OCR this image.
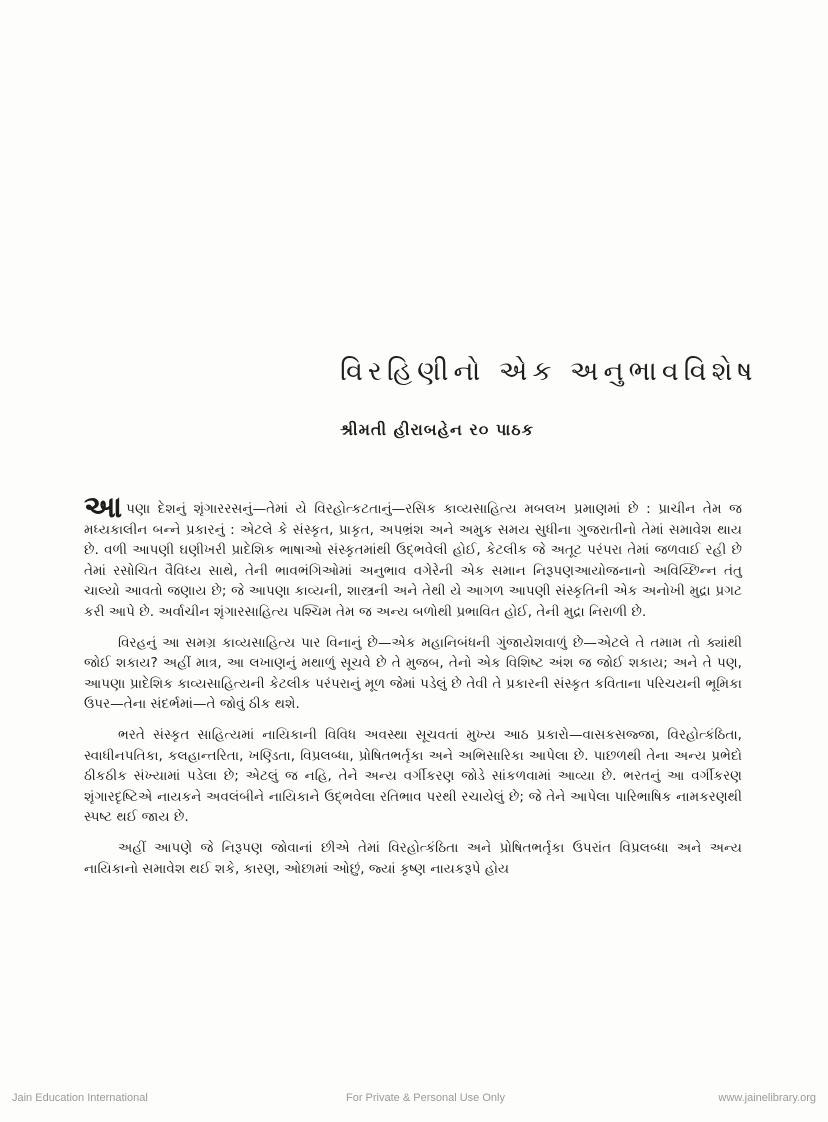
વિરહિણીનો એક અનુભાવવિશેષ
શ્રીમતી હીરાબહેન ર૦ પાઠક

આપણા દેશનું શૃંગારરસનું—તેમાં યે વિરહોત્કટતાનું—રસિક કાવ્યસાહિત્ય મબલખ પ્રમાણમાં છે : પ્રાચીન તેમ જ મધ્યકાલીન બન્ને પ્રકારનું : એટલે કે સંસ્કૃત, પ્રાકૃત, અપભ્રંશ અને અમુક સમય સુધીના ગુજરાતીનો તેમાં સમાવેશ થાય છે. વળી આપણી ઘણીખરી પ્રાદેશિક ભાષાઓ સંસ્કૃતમાંથી ઉદ્ભવેલી હોઈ, કેટલીક જે અતૂટ પરંપરા તેમાં જળવાઈ રહી છે તેમાં રસોચિત વૈવિધ્ય સાથે, તેની ભાવભંગિઓમાં અનુભાવ વગેરેની એક સમાન નિરૂપણઆયોજનાનો અવિચ્છિન્ન તંતુ ચાલ્યો આવતો જણાય છે; જે આપણા કાવ્યની, શાસ્ત્રની અને તેથી યે આગળ આપણી સંસ્કૃતિની એક અનોખી મુદ્રા પ્રગટ કરી આપે છે. અર્વાચીન શૃંગારસાહિત્ય પશ્ચિમ તેમ જ અન્ય બળોથી પ્રભાવિત હોઈ, તેની મુદ્રા નિરાળી છે.

વિરહનું આ સમગ્ર કાવ્યસાહિત્ય પાર વિનાનું છે—એક મહાનિબંધની ગુંજાયેશવાળું છે—એટલે તે તમામ તો ક્યાંથી જોઈ શકાય? અહીં માત્ર, આ લખાણનું મથાળું સૂચવે છે તે મુજબ, તેનો એક વિશિષ્ટ અંશ જ જોઈ શકાય; અને તે પણ, આપણા પ્રાદેશિક કાવ્યસાહિત્યની કેટલીક પરંપરાનું મૂળ જેમાં પડેલું છે તેવી તે પ્રકારની સંસ્કૃત કવિતાના પરિચયની ભૂમિકા ઉપર—તેના સંદર્ભમાં—તે જોવું ઠીક થશે.

ભરતે સંસ્કૃત સાહિત્યમાં નાયિકાની વિવિધ અવસ્થા સૂચવતાં મુખ્ય આઠ પ્રકારો—વાસકસજ્જા, વિરહોત્કંઠિતા, સ્વાધીનપતિકા, કલહાન્તરિતા, ખણ્ડિતા, વિપ્રલબ્ધા, પ્રોષિતભર્તૃકા અને અભિસારિકા આપેલા છે. પાછળથી તેના અન્ય પ્રભેદો ઠીકઠીક સંખ્યામાં પડેલા છે; એટલું જ નહિ, તેને અન્ય વર્ગીકરણ જોડે સાંકળવામાં આવ્યા છે. ભરતનું આ વર્ગીકરણ શૃંગારદૃષ્ટિએ નાયકને અવલંબીને નાયિકાને ઉદ્ભવેલા રતિભાવ પરથી રચાયેલું છે; જે તેને આપેલા પારિભાષિક નામકરણથી સ્પષ્ટ થઈ જાય છે.

અહીં આપણે જે નિરૂપણ જોવાનાં છીએ તેમાં વિરહોત્કંઠિતા અને પ્રોષિતભર્તૃકા ઉપરાંત વિપ્રલબ્ધા અને અન્ય નાયિકાનો સમાવેશ થઈ શકે, કારણ, ઓછામાં ઓછું, જ્યાં કૃષ્ણ નાયકરૂપે હોય

Jain Education International	For Private & Personal Use Only	www.jainelibrary.org
